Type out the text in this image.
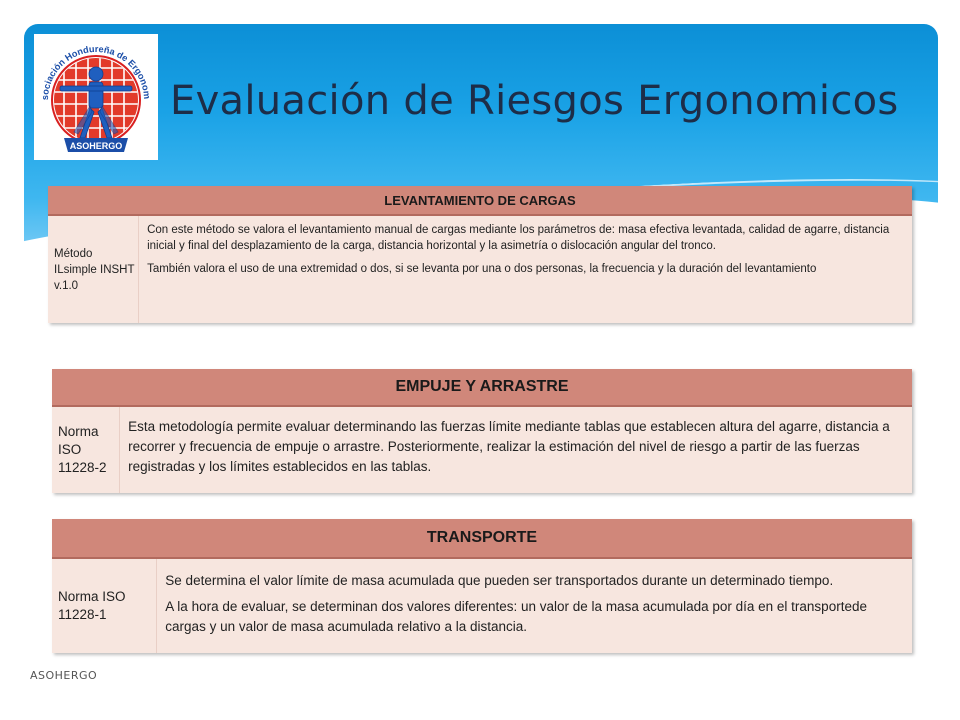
sociación Hondureña de Ergonom
ASOHERGO
Evaluación de Riesgos Ergonomicos
LEVANTAMIENTO DE CARGAS
Método ILsimple INSHT v.1.0

Con este método se valora el levantamiento manual de cargas mediante los parámetros de: masa efectiva levantada, calidad de agarre, distancia inicial y final del desplazamiento de la carga, distancia horizontal y la asimetría o dislocación angular del tronco.

También valora el uso de una extremidad o dos, si se levanta por una o dos personas, la frecuencia y la duración del levantamiento

EMPUJE Y ARRASTRE
Norma ISO 11228-2

Esta metodología permite evaluar determinando las fuerzas límite mediante tablas que establecen altura del agarre, distancia a recorrer y frecuencia de empuje o arrastre. Posteriormente, realizar la estimación del nivel de riesgo a partir de las fuerzas registradas y los límites establecidos en las tablas.

TRANSPORTE
Norma ISO 11228-1

Se determina el valor límite de masa acumulada que pueden ser transportados durante un determinado tiempo.

A la hora de evaluar, se determinan dos valores diferentes: un valor de la masa acumulada por día en el transportede cargas y un valor de masa acumulada relativo a la distancia.

ASOHERGO
